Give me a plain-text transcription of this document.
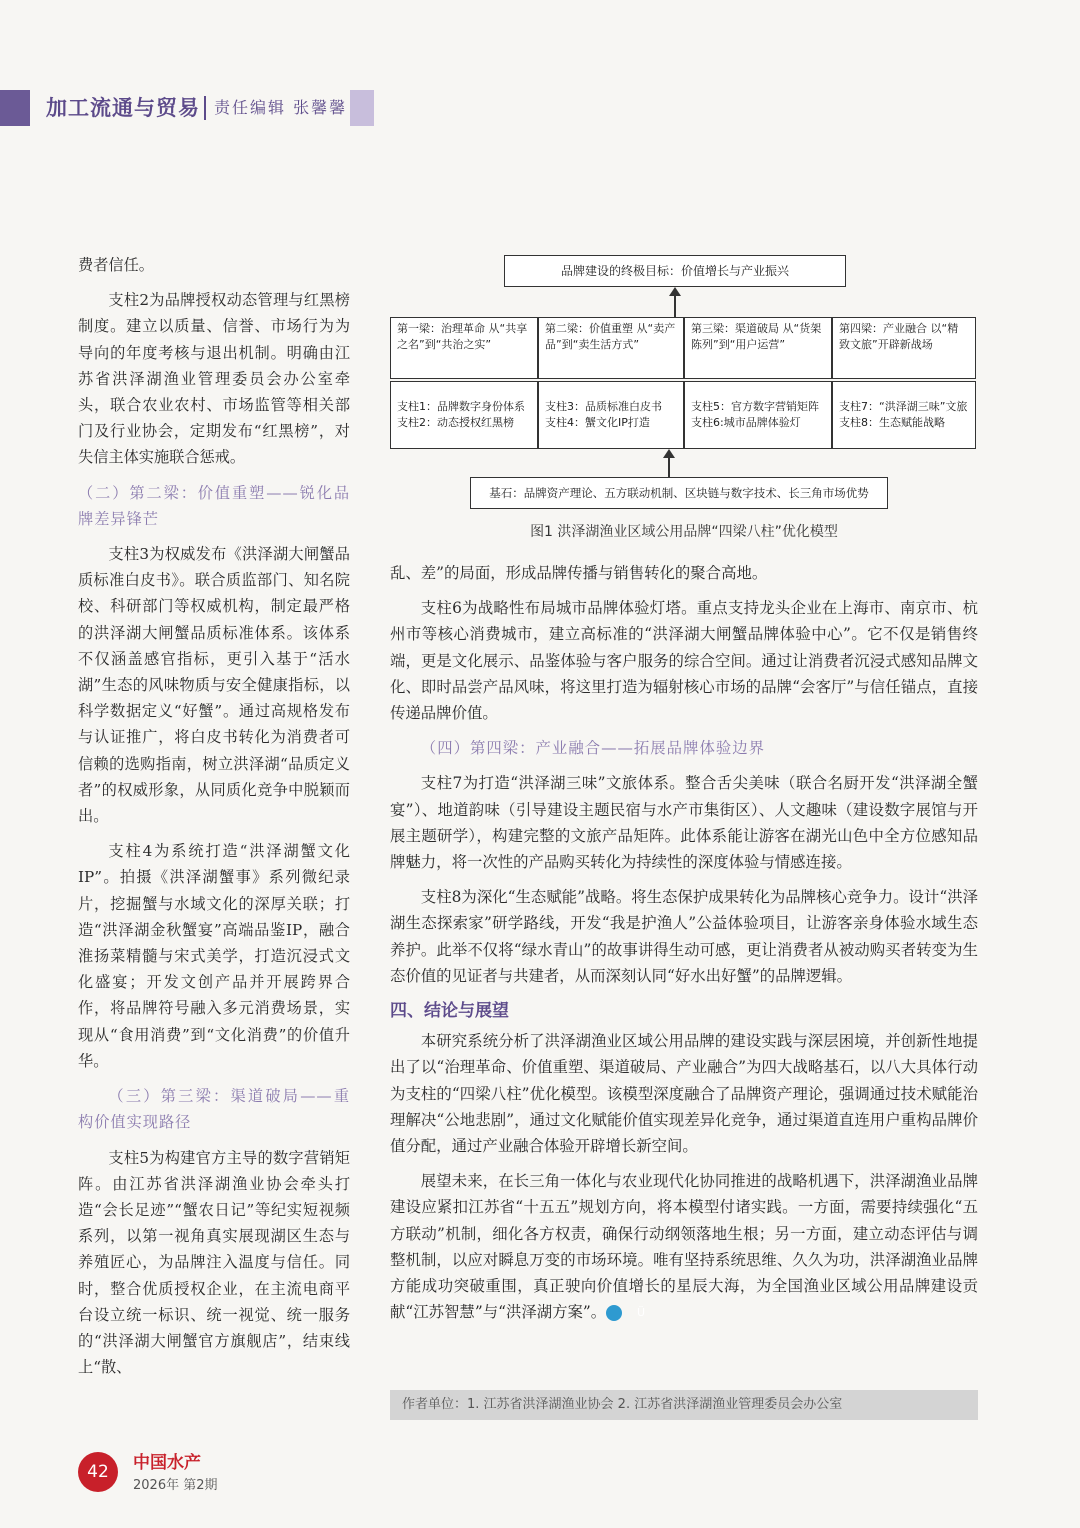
加工流通与贸易 责任编辑 张馨馨

费者信任。

支柱2为品牌授权动态管理与红黑榜制度。建立以质量、信誉、市场行为为导向的年度考核与退出机制。明确由江苏省洪泽湖渔业管理委员会办公室牵头，联合农业农村、市场监管等相关部门及行业协会，定期发布“红黑榜”，对失信主体实施联合惩戒。

（二）第二梁：价值重塑——锐化品牌差异锋芒

支柱3为权威发布《洪泽湖大闸蟹品质标准白皮书》。联合质监部门、知名院校、科研部门等权威机构，制定最严格的洪泽湖大闸蟹品质标准体系。该体系不仅涵盖感官指标，更引入基于“活水湖”生态的风味物质与安全健康指标，以科学数据定义“好蟹”。通过高规格发布与认证推广，将白皮书转化为消费者可信赖的选购指南，树立洪泽湖“品质定义者”的权威形象，从同质化竞争中脱颖而出。

支柱4为系统打造“洪泽湖蟹文化IP”。拍摄《洪泽湖蟹事》系列微纪录片，挖掘蟹与水域文化的深厚关联；打造“洪泽湖金秋蟹宴”高端品鉴IP，融合淮扬菜精髓与宋式美学，打造沉浸式文化盛宴；开发文创产品并开展跨界合作，将品牌符号融入多元消费场景，实现从“食用消费”到“文化消费”的价值升华。

（三）第三梁：渠道破局——重构价值实现路径

支柱5为构建官方主导的数字营销矩阵。由江苏省洪泽湖渔业协会牵头打造“会长足迹”“蟹农日记”等纪实短视频系列，以第一视角真实展现湖区生态与养殖匠心，为品牌注入温度与信任。同时，整合优质授权企业，在主流电商平台设立统一标识、统一视觉、统一服务的“洪泽湖大闸蟹官方旗舰店”，结束线上“散、

品牌建设的终极目标：价值增长与产业振兴
第一梁：治理革命 从“共享之名”到“共治之实”
第二梁：价值重塑 从“卖产品”到“卖生活方式”
第三梁：渠道破局 从“货架陈列”到“用户运营”
第四梁：产业融合 以“精致文旅”开辟新战场
支柱1：品牌数字身份体系
支柱2：动态授权红黑榜
支柱3：品质标准白皮书
支柱4：蟹文化IP打造
支柱5：官方数字营销矩阵
支柱6:城市品牌体验灯
支柱7：“洪泽湖三味”文旅
支柱8：生态赋能战略
基石：品牌资产理论、五方联动机制、区块链与数字技术、长三角市场优势
图1 洪泽湖渔业区域公用品牌“四梁八柱”优化模型

乱、差”的局面，形成品牌传播与销售转化的聚合高地。

支柱6为战略性布局城市品牌体验灯塔。重点支持龙头企业在上海市、南京市、杭州市等核心消费城市，建立高标准的“洪泽湖大闸蟹品牌体验中心”。它不仅是销售终端，更是文化展示、品鉴体验与客户服务的综合空间。通过让消费者沉浸式感知品牌文化、即时品尝产品风味，将这里打造为辐射核心市场的品牌“会客厅”与信任锚点，直接传递品牌价值。

（四）第四梁：产业融合——拓展品牌体验边界

支柱7为打造“洪泽湖三味”文旅体系。整合舌尖美味（联合名厨开发“洪泽湖全蟹宴”）、地道韵味（引导建设主题民宿与水产市集街区）、人文趣味（建设数字展馆与开展主题研学），构建完整的文旅产品矩阵。此体系能让游客在湖光山色中全方位感知品牌魅力，将一次性的产品购买转化为持续性的深度体验与情感连接。

支柱8为深化“生态赋能”战略。将生态保护成果转化为品牌核心竞争力。设计“洪泽湖生态探索家”研学路线，开发“我是护渔人”公益体验项目，让游客亲身体验水域生态养护。此举不仅将“绿水青山”的故事讲得生动可感，更让消费者从被动购买者转变为生态价值的见证者与共建者，从而深刻认同“好水出好蟹”的品牌逻辑。

四、结论与展望

本研究系统分析了洪泽湖渔业区域公用品牌的建设实践与深层困境，并创新性地提出了以“治理革命、价值重塑、渠道破局、产业融合”为四大战略基石，以八大具体行动为支柱的“四梁八柱”优化模型。该模型深度融合了品牌资产理论，强调通过技术赋能治理解决“公地悲剧”，通过文化赋能价值实现差异化竞争，通过渠道直连用户重构品牌价值分配，通过产业融合体验开辟增长新空间。

展望未来，在长三角一体化与农业现代化协同推进的战略机遇下，洪泽湖渔业品牌建设应紧扣江苏省“十五五”规划方向，将本模型付诸实践。一方面，需要持续强化“五方联动”机制，细化各方权责，确保行动纲领落地生根；另一方面，建立动态评估与调整机制，以应对瞬息万变的市场环境。唯有坚持系统思维、久久为功，洪泽湖渔业品牌方能成功突破重围，真正驶向价值增长的星辰大海，为全国渔业区域公用品牌建设贡献“江苏智慧”与“洪泽湖方案”。	Ü

作者单位：1. 江苏省洪泽湖渔业协会 2. 江苏省洪泽湖渔业管理委员会办公室
42	中国水产
2026年 第2期
